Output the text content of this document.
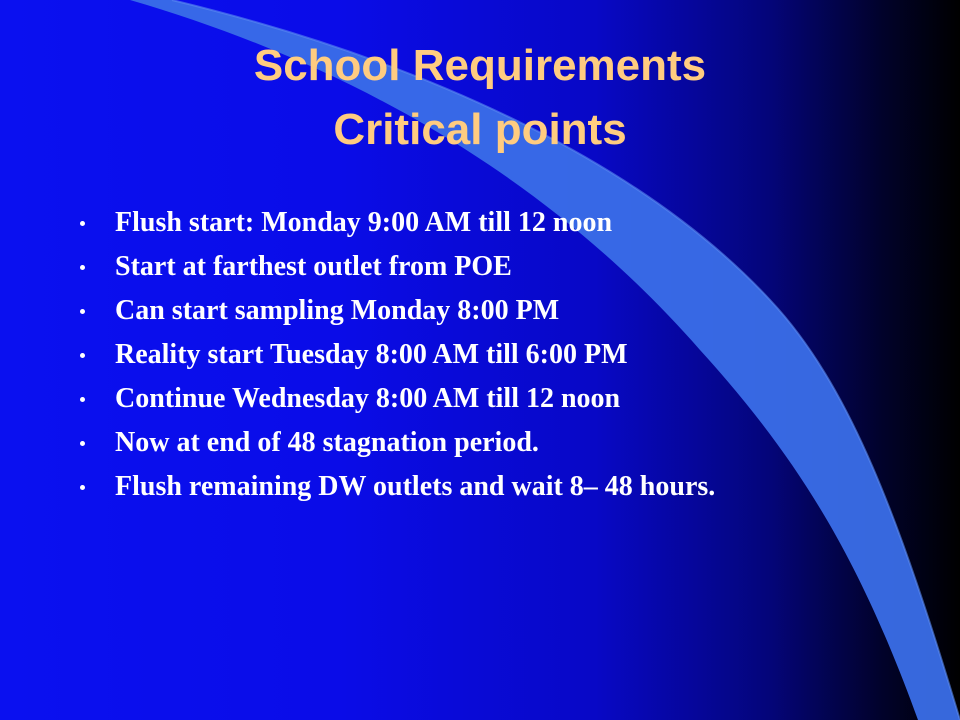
School Requirements
Critical points
Flush start: Monday 9:00 AM till 12 noon
Start at farthest outlet from POE
Can start sampling Monday 8:00 PM
Reality start Tuesday 8:00 AM till 6:00 PM
Continue Wednesday 8:00 AM till 12 noon
Now at end of 48 stagnation period.
Flush remaining DW outlets and wait 8– 48 hours.
